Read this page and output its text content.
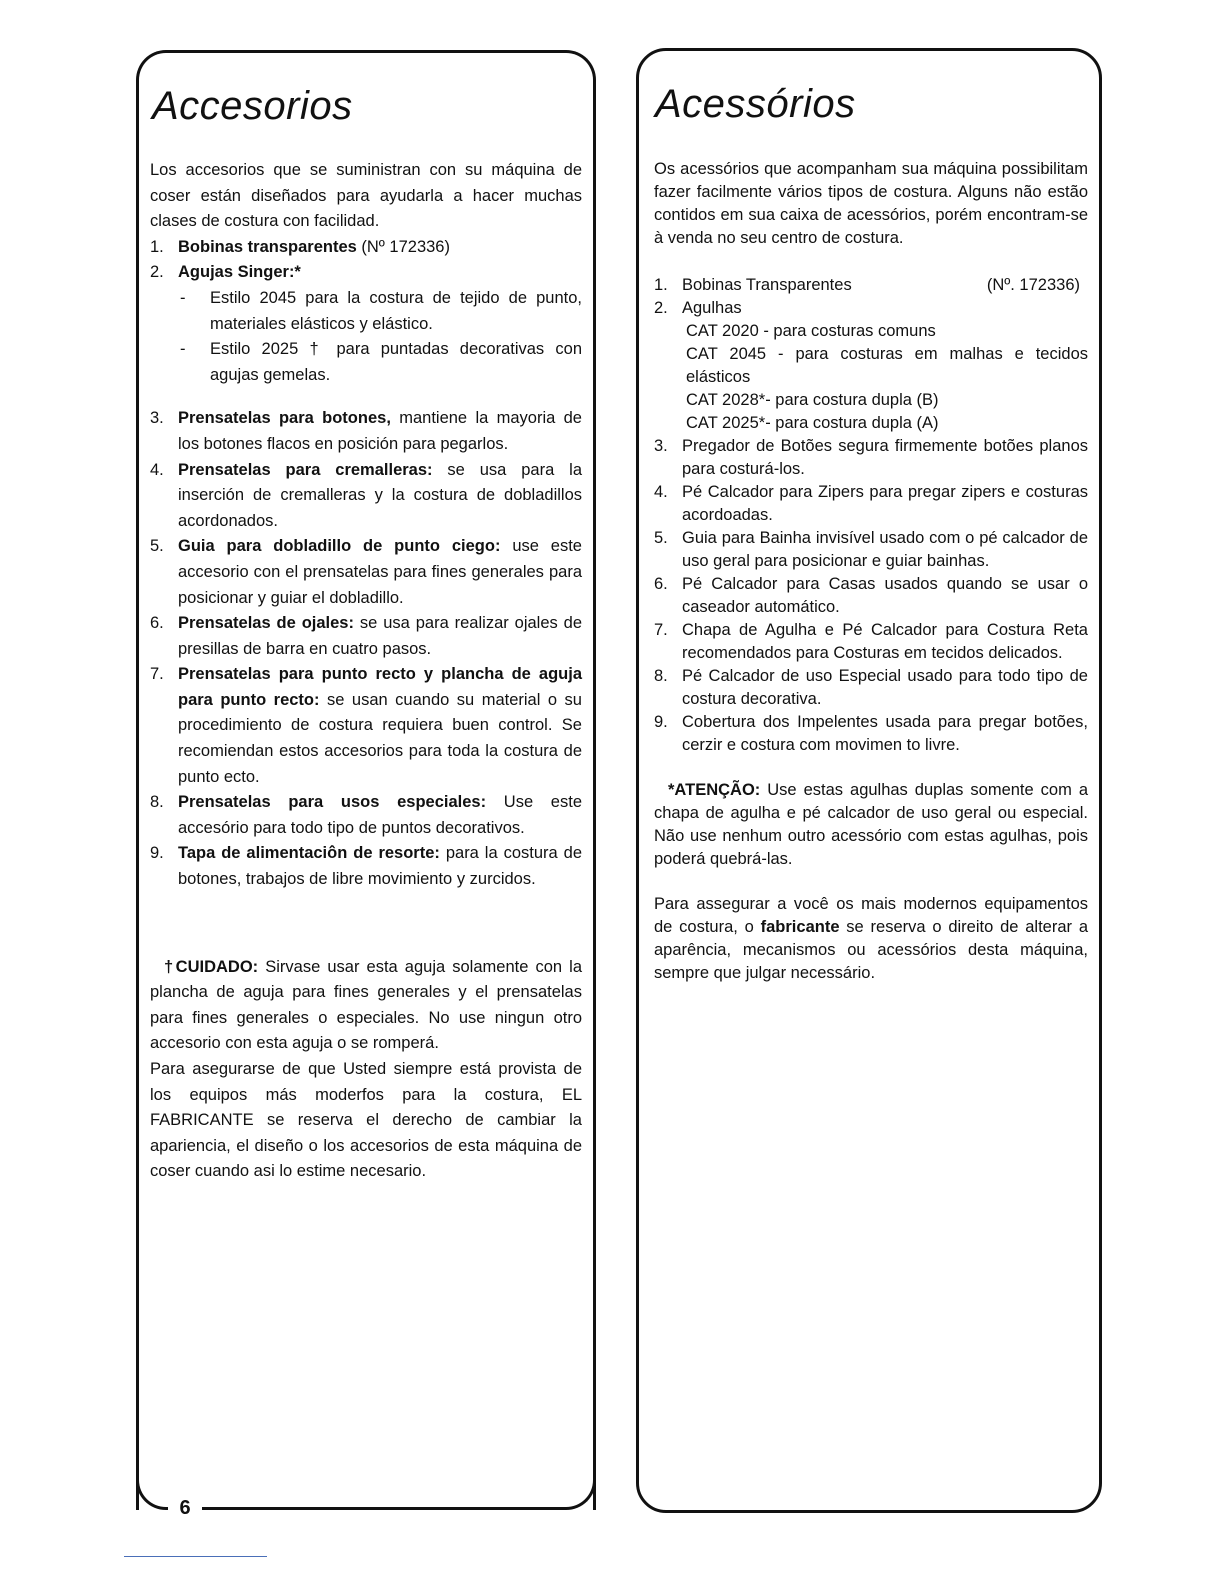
6
Accesorios	Acessórios

Los accesorios que se suministran con su máquina de coser están diseñados para ayudarla a hacer muchas clases de costura con facilidad.

1. Bobinas transparentes (Nº 172336)
2. Agujas Singer:*
-	Estilo 2045 para la costura de tejido de punto, materiales elásticos y elástico.
-	Estilo 2025 † para puntadas decorativas con agujas gemelas.
3. Prensatelas para botones, mantiene la mayoria de los botones flacos en posición para pegarlos.
4. Prensatelas para cremalleras: se usa para la inserción de cremalleras y la costura de dobladillos acordonados.
5. Guia para dobladillo de punto ciego: use este accesorio con el prensatelas para fines generales para posicionar y guiar el dobladillo.
6. Prensatelas de ojales: se usa para realizar ojales de presillas de barra en cuatro pasos.
7. Prensatelas para punto recto y plancha de aguja para punto recto: se usan cuando su material o su procedimiento de costura requiera buen control. Se recomiendan estos accesorios para toda la costura de punto ecto.
8. Prensatelas para usos especiales: Use este accesório para todo tipo de puntos decorativos.
9. Tapa de alimentaciôn de resorte: para la costura de botones, trabajos de libre movimiento y zurcidos.

†CUIDADO: Sirvase usar esta aguja solamente con la plancha de aguja para fines generales y el prensatelas para fines generales o especiales. No use ningun otro accesorio con esta aguja o se romperá.

Para asegurarse de que Usted siempre está provista de los equipos más moderfos para la costura, EL FABRICANTE se reserva el derecho de cambiar la apariencia, el diseño o los accesorios de esta máquina de coser cuando asi lo estime necesario.

Os acessórios que acompanham sua máquina possibilitam fazer facilmente vários tipos de costura. Alguns não estão contidos em sua caixa de acessórios, porém encontram-se à venda no seu centro de costura.

1. Bobinas Transparentes	(Nº. 172336)
2. Agulhas
CAT 2020 - para costuras comuns
CAT 2045 - para costuras em malhas e tecidos elásticos
CAT 2028*- para costura dupla (B)
CAT 2025*- para costura dupla (A)
3. Pregador de Botões segura firmemente botões planos para costurá-los.
4. Pé Calcador para Zipers para pregar zipers e costuras acordoadas.
5. Guia para Bainha invisível usado com o pé calcador de uso geral para posicionar e guiar bainhas.
6. Pé Calcador para Casas usados quando se usar o caseador automático.
7. Chapa de Agulha e Pé Calcador para Costura Reta recomendados para Costuras em tecidos delicados.
8. Pé Calcador de uso Especial usado para todo tipo de costura decorativa.
9. Cobertura dos Impelentes usada para pregar botões, cerzir e costura com movimen to livre.

*ATENÇÃO: Use estas agulhas duplas somente com a chapa de agulha e pé calcador de uso geral ou especial. Não use nenhum outro acessório com estas agulhas, pois poderá quebrá-las.

Para assegurar a você os mais modernos equipamentos de costura, o fabricante se reserva o direito de alterar a aparência, mecanismos ou acessórios desta máquina, sempre que julgar necessário.
